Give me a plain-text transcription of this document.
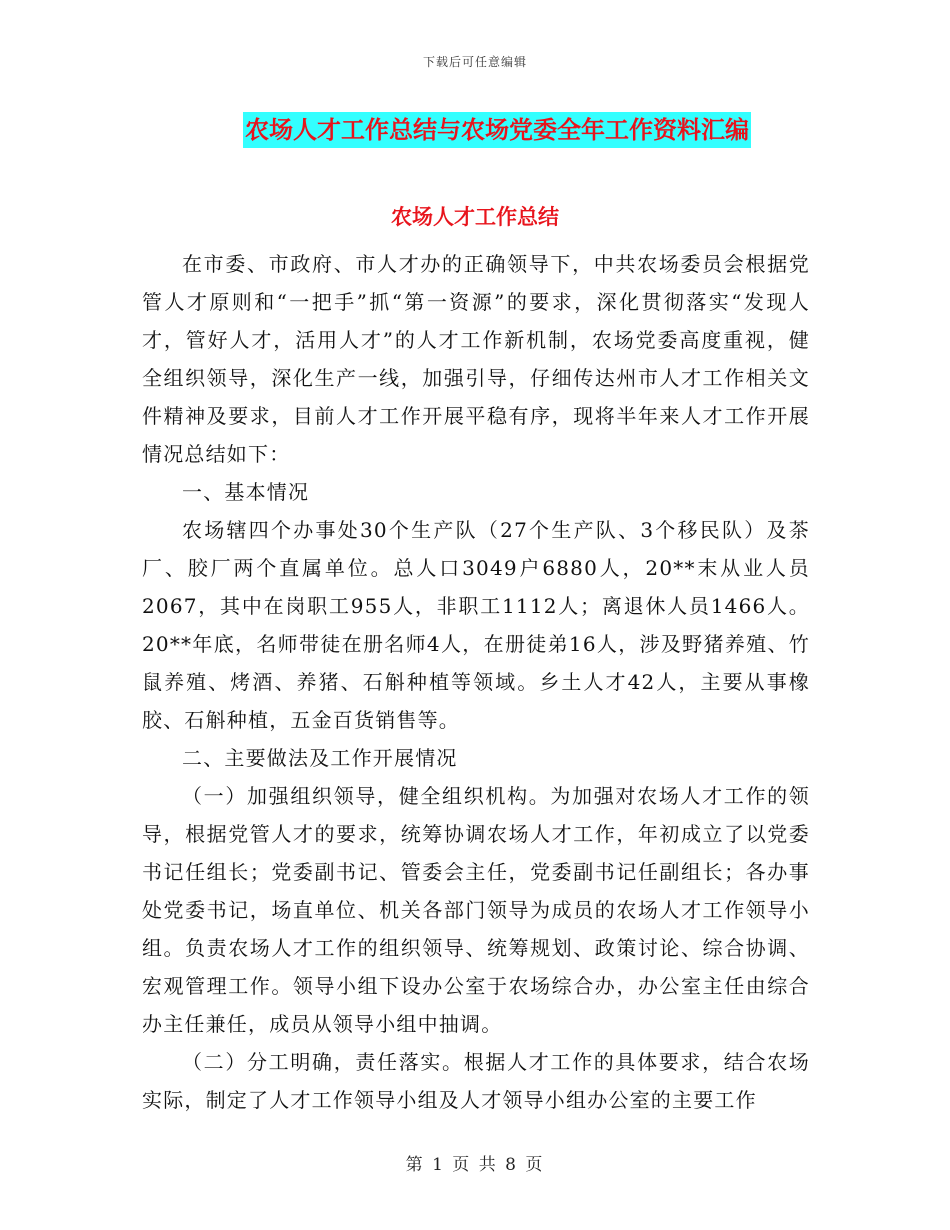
下载后可任意编辑
农场人才工作总结与农场党委全年工作资料汇编
农场人才工作总结

在市委、市政府、市人才办的正确领导下，中共农场委员会根据党管人才原则和“一把手”抓“第一资源”的要求，深化贯彻落实“发现人才，管好人才，活用人才”的人才工作新机制，农场党委高度重视，健全组织领导，深化生产一线，加强引导，仔细传达州市人才工作相关文件精神及要求，目前人才工作开展平稳有序，现将半年来人才工作开展情况总结如下：

一、基本情况

农场辖四个办事处30个生产队（27个生产队、3个移民队）及茶厂、胶厂两个直属单位。总人口3049户6880人，20**末从业人员2067，其中在岗职工955人，非职工1112人；离退休人员1466人。20**年底，名师带徒在册名师4人，在册徒弟16人，涉及野猪养殖、竹鼠养殖、烤酒、养猪、石斛种植等领域。乡土人才42人，主要从事橡胶、石斛种植，五金百货销售等。

二、主要做法及工作开展情况

（一）加强组织领导，健全组织机构。为加强对农场人才工作的领导，根据党管人才的要求，统筹协调农场人才工作，年初成立了以党委书记任组长；党委副书记、管委会主任，党委副书记任副组长；各办事处党委书记，场直单位、机关各部门领导为成员的农场人才工作领导小组。负责农场人才工作的组织领导、统筹规划、政策讨论、综合协调、宏观管理工作。领导小组下设办公室于农场综合办，办公室主任由综合办主任兼任，成员从领导小组中抽调。

（二）分工明确，责任落实。根据人才工作的具体要求，结合农场实际，制定了人才工作领导小组及人才领导小组办公室的主要工作

第 1 页 共 8 页
